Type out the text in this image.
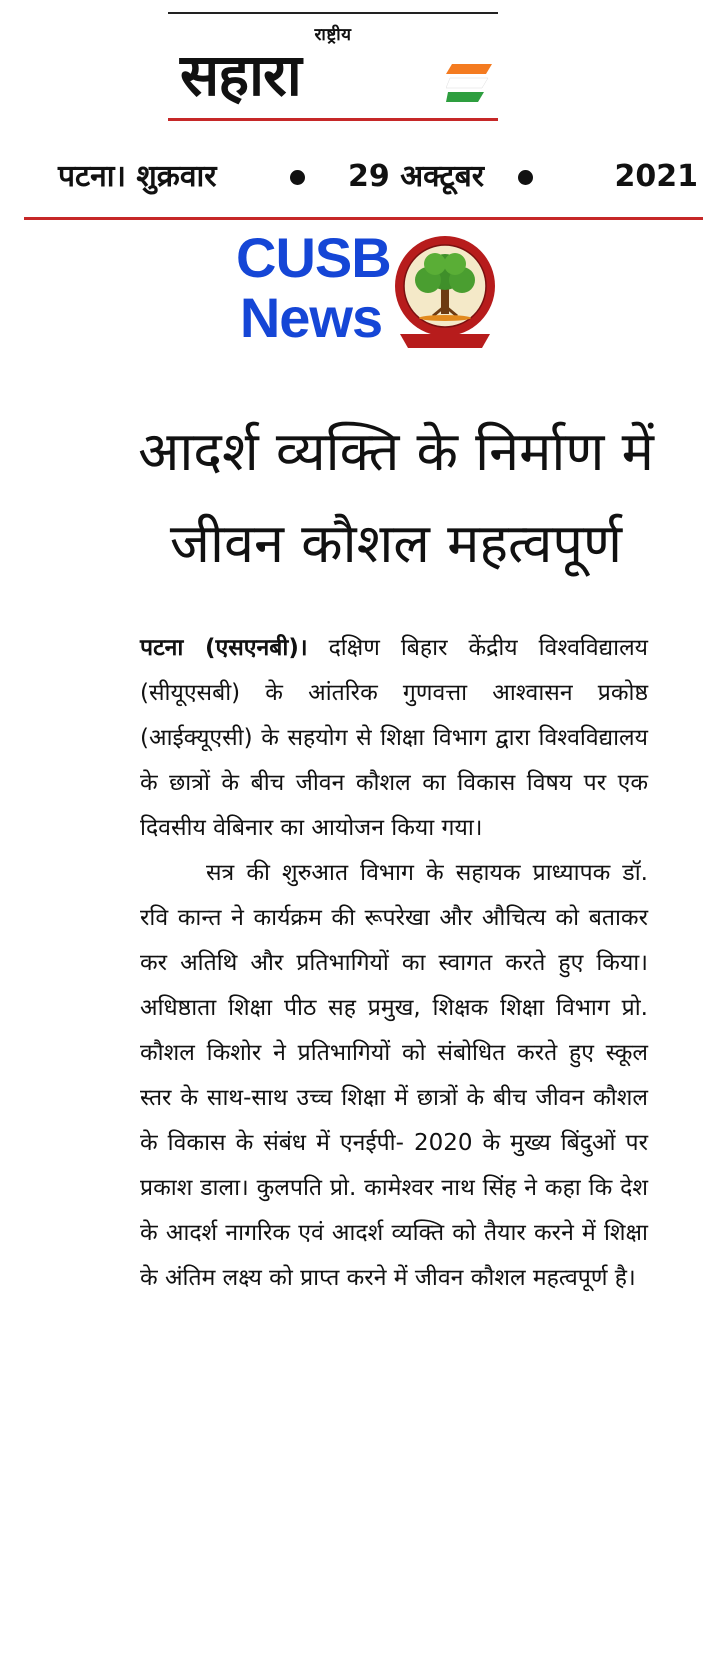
राष्ट्रीय
सहारा
पटना। शुक्रवार	29 अक्टूबर	2021
CUSB
News
आदर्श व्यक्ति के निर्माण में
जीवन कौशल महत्वपूर्ण

पटना (एसएनबी)। दक्षिण बिहार केंद्रीय विश्वविद्यालय (सीयूएसबी) के आंतरिक गुणवत्ता आश्वासन प्रकोष्ठ (आईक्यूएसी) के सहयोग से शिक्षा विभाग द्वारा विश्वविद्यालय के छात्रों के बीच जीवन कौशल का विकास विषय पर एक दिवसीय वेबिनार का आयोजन किया गया।

सत्र की शुरुआत विभाग के सहायक प्राध्यापक डॉ. रवि कान्त ने कार्यक्रम की रूपरेखा और औचित्य को बताकर कर अतिथि और प्रतिभागियों का स्वागत करते हुए किया। अधिष्ठाता शिक्षा पीठ सह प्रमुख, शिक्षक शिक्षा विभाग प्रो. कौशल किशोर ने प्रतिभागियों को संबोधित करते हुए स्कूल स्तर के साथ-साथ उच्च शिक्षा में छात्रों के बीच जीवन कौशल के विकास के संबंध में एनईपी- 2020 के मुख्य बिंदुओं पर प्रकाश डाला। कुलपति प्रो. कामेश्वर नाथ सिंह ने कहा कि देश के आदर्श नागरिक एवं आदर्श व्यक्ति को तैयार करने में शिक्षा के अंतिम लक्ष्य को प्राप्त करने में जीवन कौशल महत्वपूर्ण है।
